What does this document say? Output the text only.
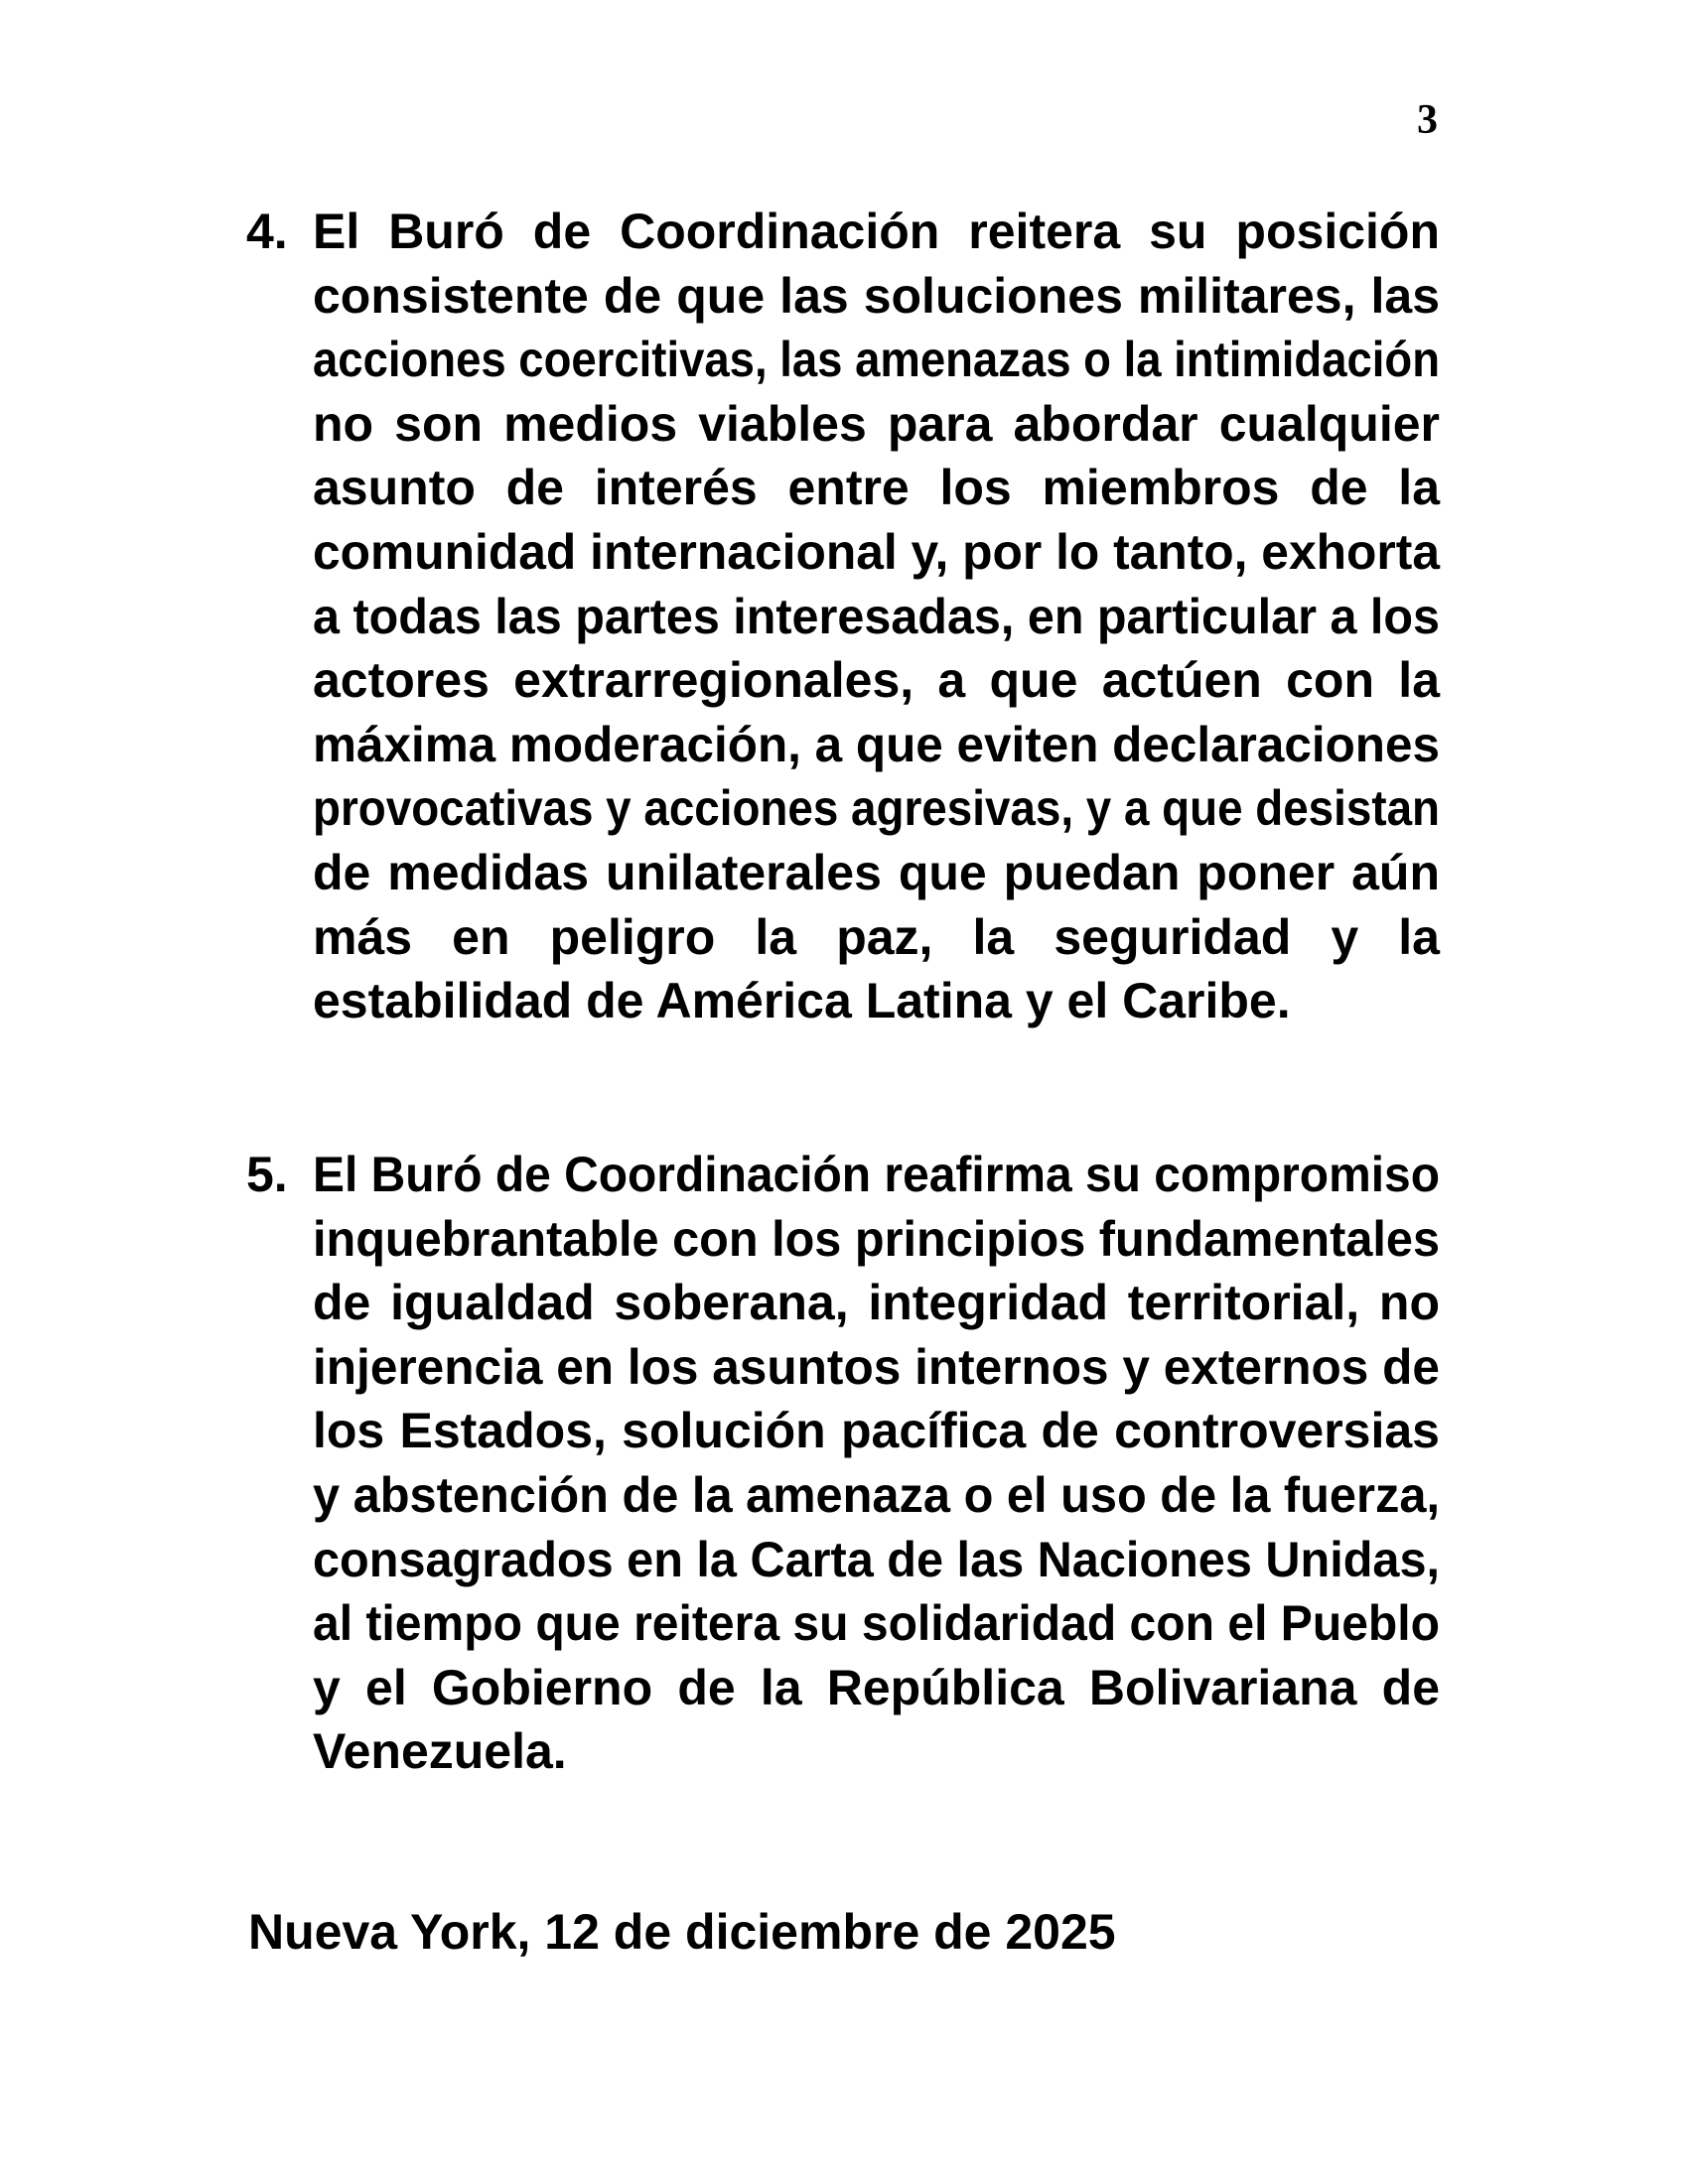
3
4. El Buró de Coordinación reitera su posición
consistente de que las soluciones militares, las
acciones coercitivas, las amenazas o la intimidación
no son medios viables para abordar cualquier
asunto de interés entre los miembros de la
comunidad internacional y, por lo tanto, exhorta
a todas las partes interesadas, en particular a los
actores extrarregionales, a que actúen con la
máxima moderación, a que eviten declaraciones
provocativas y acciones agresivas, y a que desistan
de medidas unilaterales que puedan poner aún
más en peligro la paz, la seguridad y la
estabilidad de América Latina y el Caribe.
5. El Buró de Coordinación reafirma su compromiso
inquebrantable con los principios fundamentales
de igualdad soberana, integridad territorial, no
injerencia en los asuntos internos y externos de
los Estados, solución pacífica de controversias
y abstención de la amenaza o el uso de la fuerza,
consagrados en la Carta de las Naciones Unidas,
al tiempo que reitera su solidaridad con el Pueblo
y el Gobierno de la República Bolivariana de
Venezuela.
Nueva York, 12 de diciembre de 2025
